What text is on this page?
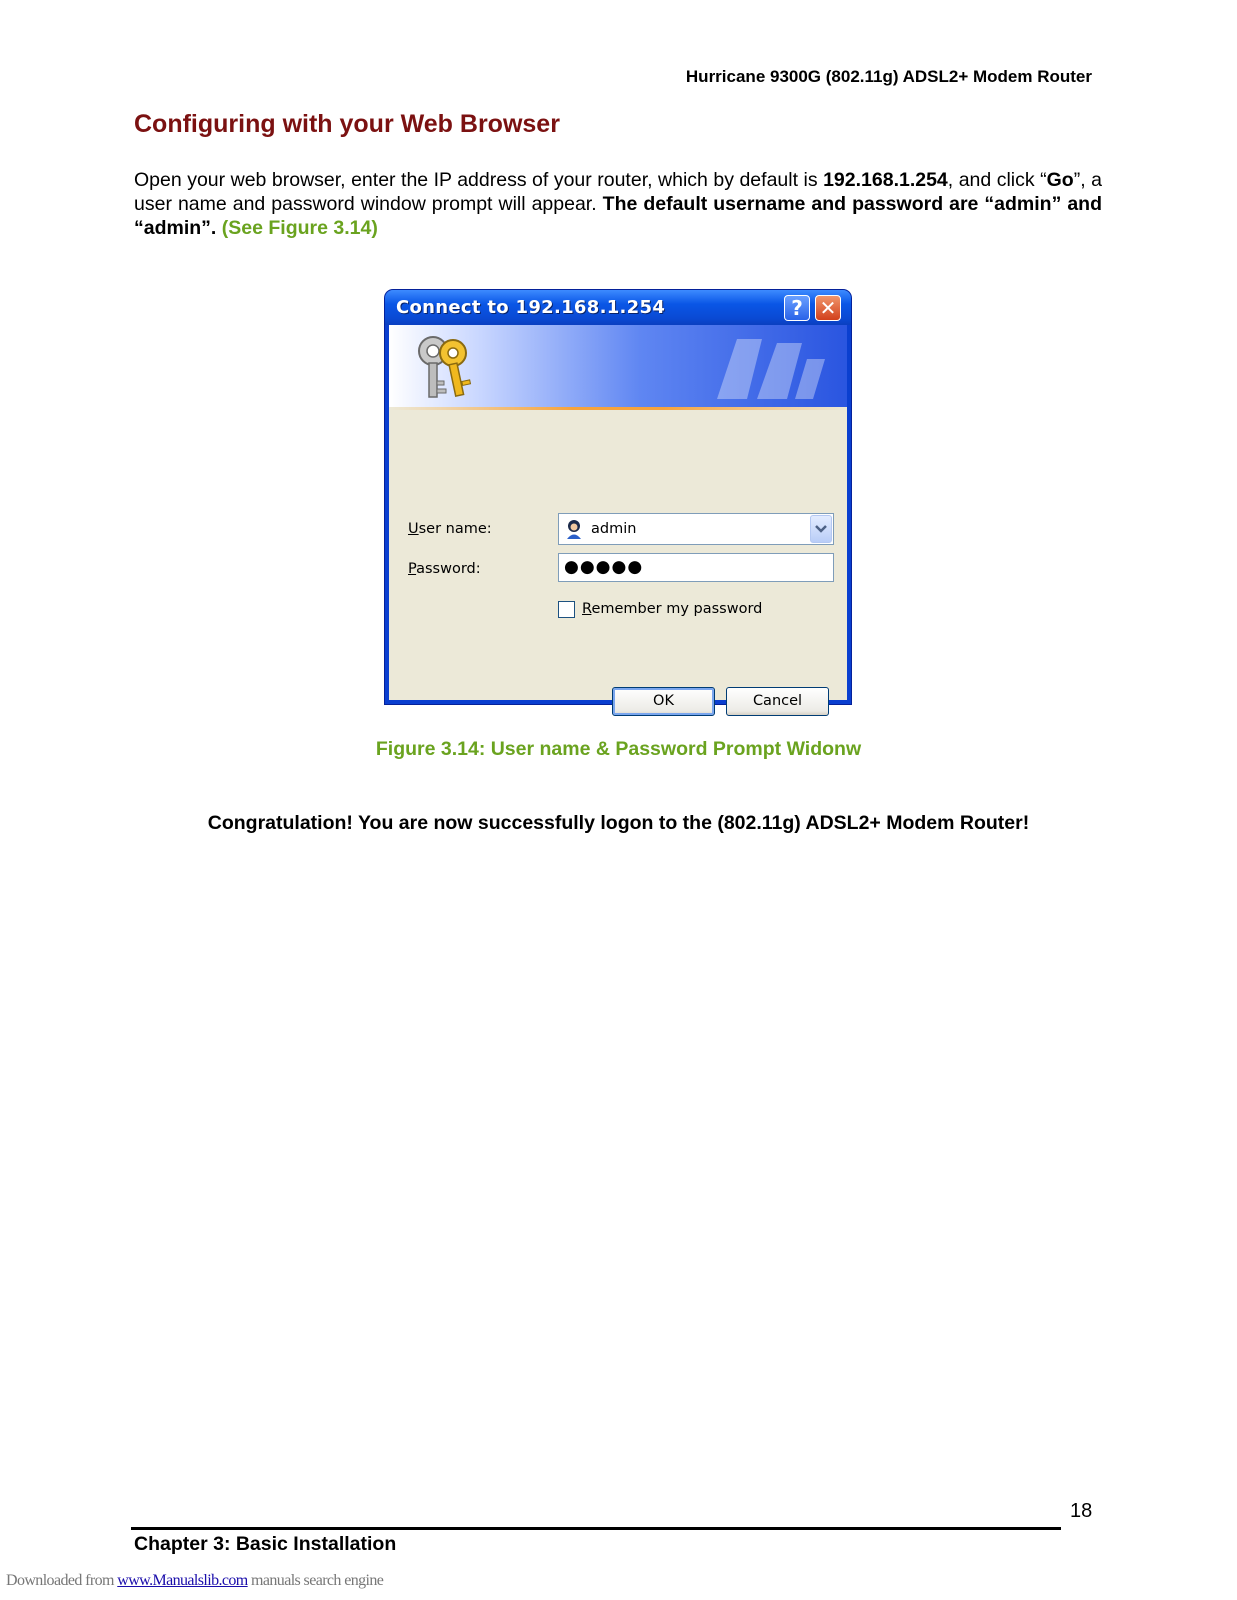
Hurricane 9300G (802.11g) ADSL2+ Modem Router
Configuring with your Web Browser

Open your web browser, enter the IP address of your router, which by default is 192.168.1.254, and click “Go”, a user name and password window prompt will appear. The default username and password are “admin” and “admin”. (See Figure 3.14)

Connect to 192.168.1.254	? ✕
User name:	admin
Password:	●●●●●
Remember my password
OK	Cancel
Figure 3.14: User name & Password Prompt Widonw
Congratulation! You are now successfully logon to the (802.11g) ADSL2+ Modem Router!
18
Chapter 3: Basic Installation
Downloaded from www.Manualslib.com manuals search engine
